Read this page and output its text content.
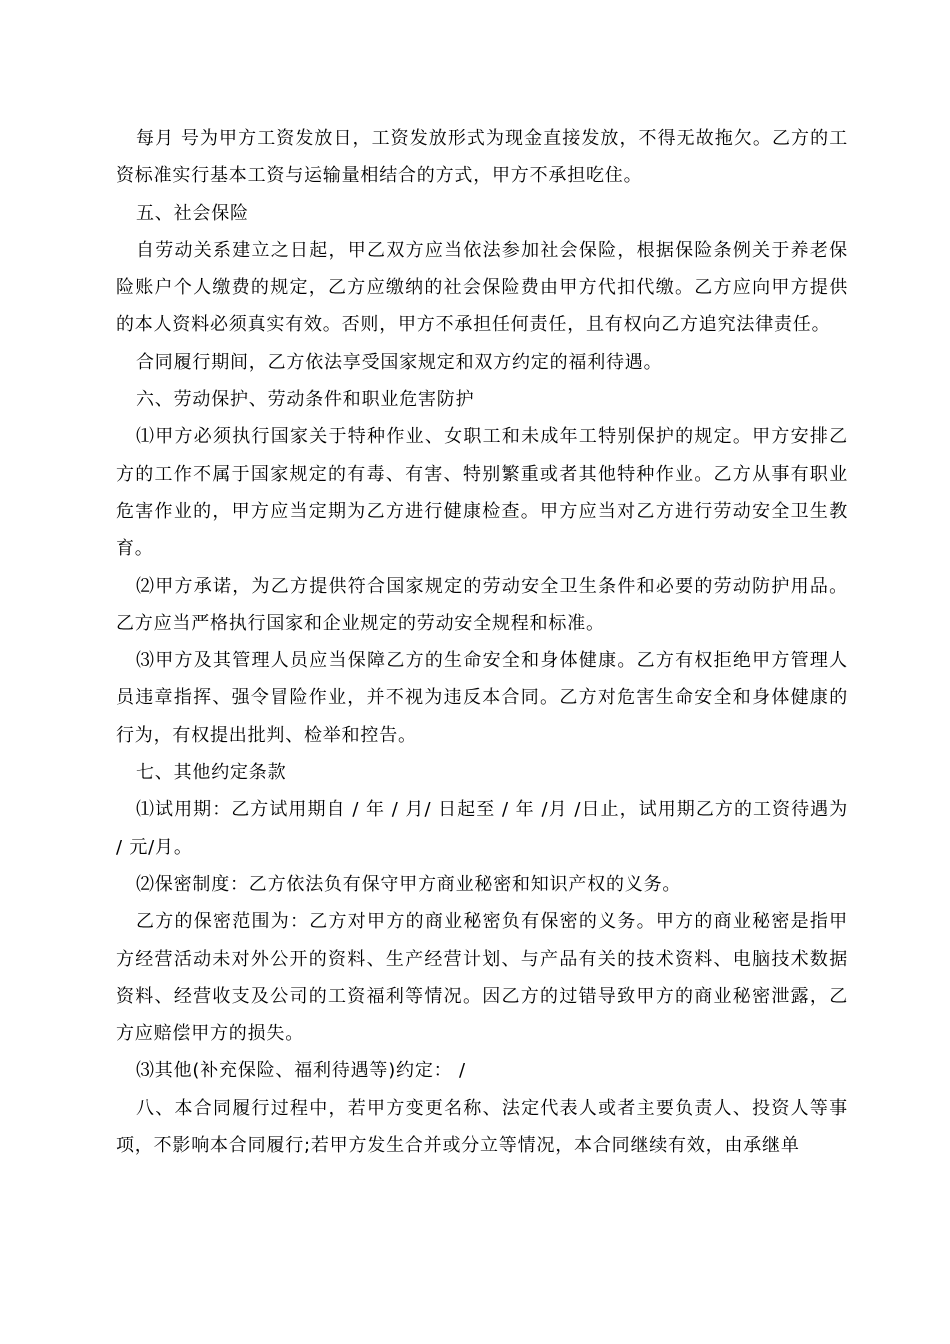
每月 号为甲方工资发放日，工资发放形式为现金直接发放，不得无故拖欠。乙方的工资标准实行基本工资与运输量相结合的方式，甲方不承担吃住。

五、社会保险

自劳动关系建立之日起，甲乙双方应当依法参加社会保险，根据保险条例关于养老保险账户个人缴费的规定，乙方应缴纳的社会保险费由甲方代扣代缴。乙方应向甲方提供的本人资料必须真实有效。否则，甲方不承担任何责任，且有权向乙方追究法律责任。

合同履行期间，乙方依法享受国家规定和双方约定的福利待遇。

六、劳动保护、劳动条件和职业危害防护

⑴甲方必须执行国家关于特种作业、女职工和未成年工特别保护的规定。甲方安排乙方的工作不属于国家规定的有毒、有害、特别繁重或者其他特种作业。乙方从事有职业危害作业的，甲方应当定期为乙方进行健康检查。甲方应当对乙方进行劳动安全卫生教育。

⑵甲方承诺，为乙方提供符合国家规定的劳动安全卫生条件和必要的劳动防护用品。乙方应当严格执行国家和企业规定的劳动安全规程和标准。

⑶甲方及其管理人员应当保障乙方的生命安全和身体健康。乙方有权拒绝甲方管理人员违章指挥、强令冒险作业，并不视为违反本合同。乙方对危害生命安全和身体健康的行为，有权提出批判、检举和控告。

七、其他约定条款

⑴试用期：乙方试用期自 / 年 / 月/ 日起至 / 年 /月 /日止，试用期乙方的工资待遇为 / 元/月。

⑵保密制度：乙方依法负有保守甲方商业秘密和知识产权的义务。

乙方的保密范围为：乙方对甲方的商业秘密负有保密的义务。甲方的商业秘密是指甲方经营活动未对外公开的资料、生产经营计划、与产品有关的技术资料、电脑技术数据资料、经营收支及公司的工资福利等情况。因乙方的过错导致甲方的商业秘密泄露，乙方应赔偿甲方的损失。

⑶其他(补充保险、福利待遇等)约定： /

八、本合同履行过程中，若甲方变更名称、法定代表人或者主要负责人、投资人等事项，不影响本合同履行;若甲方发生合并或分立等情况，本合同继续有效，由承继单
